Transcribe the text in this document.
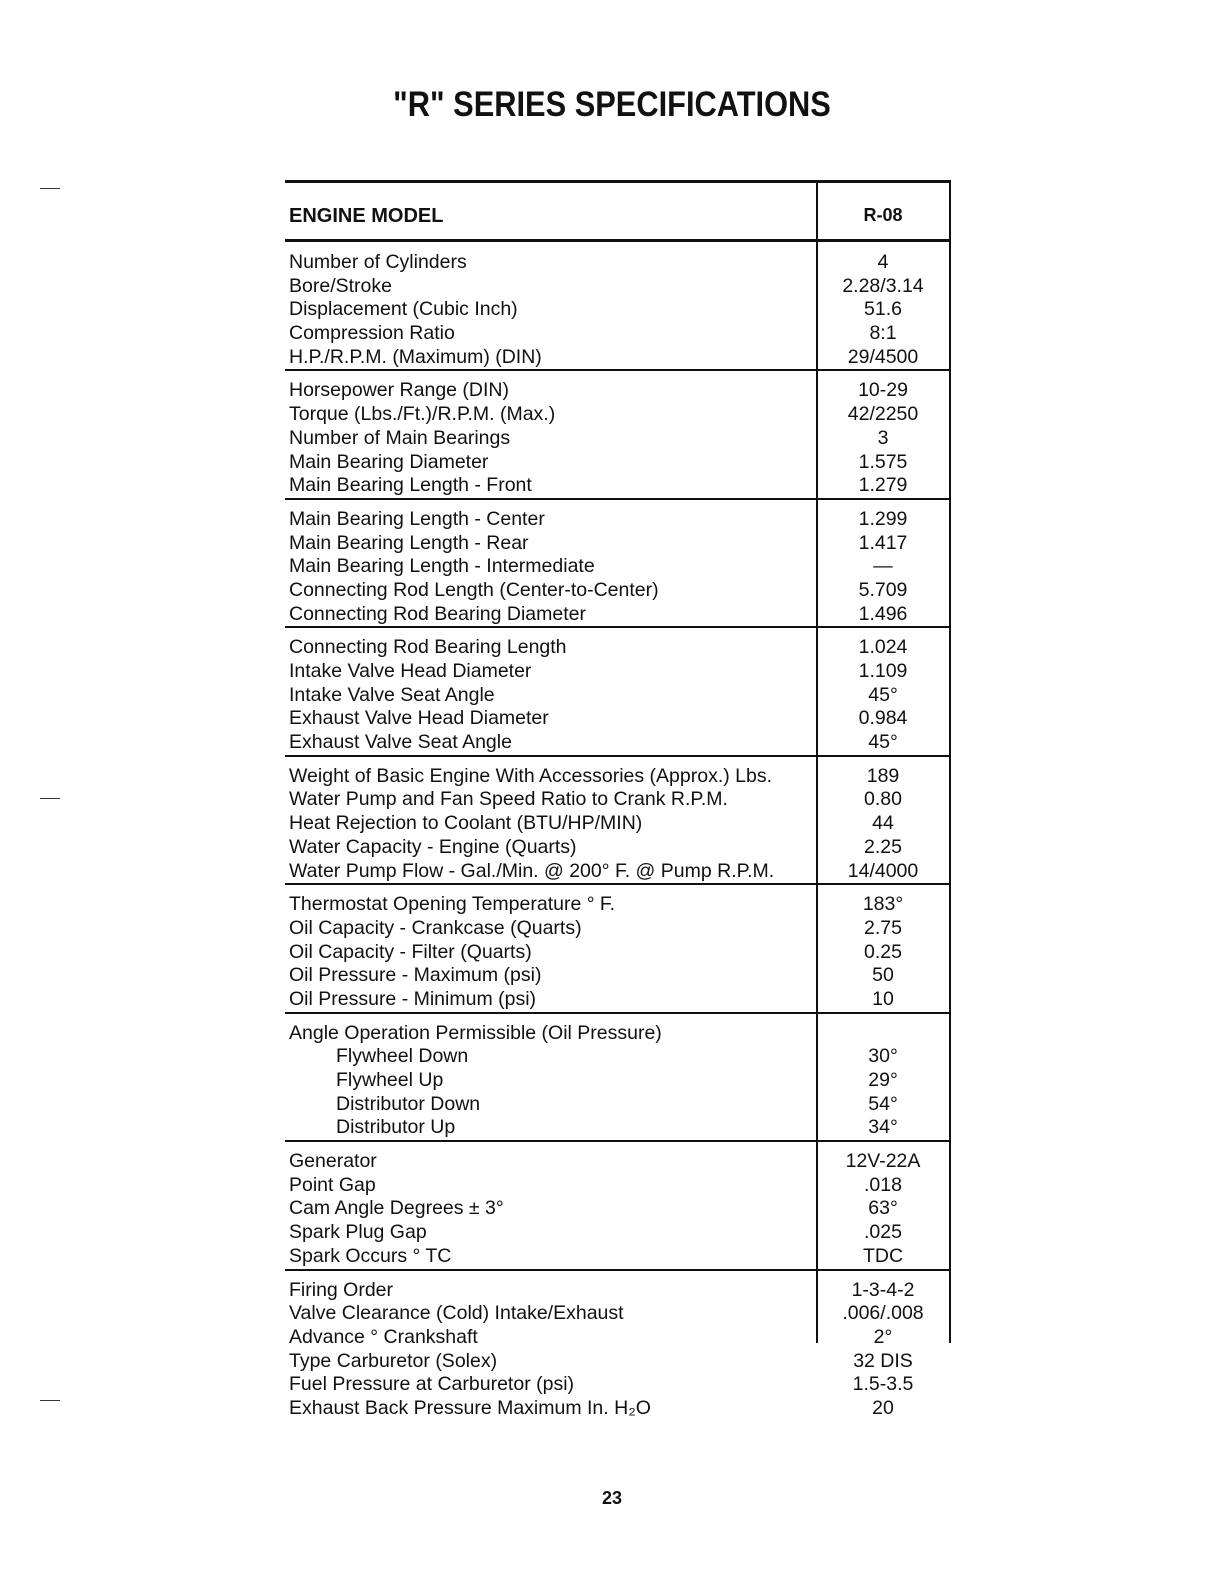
"R" SERIES SPECIFICATIONS
ENGINE MODEL	R-08
Number of Cylinders	4
Bore/Stroke	2.28/3.14
Displacement (Cubic Inch)	51.6
Compression Ratio	8:1
H.P./R.P.M. (Maximum) (DIN)	29/4500
Horsepower Range (DIN)	10-29
Torque (Lbs./Ft.)/R.P.M. (Max.)	42/2250
Number of Main Bearings	3
Main Bearing Diameter	1.575
Main Bearing Length - Front	1.279
Main Bearing Length - Center	1.299
Main Bearing Length - Rear	1.417
Main Bearing Length - Intermediate	—
Connecting Rod Length (Center-to-Center)	5.709
Connecting Rod Bearing Diameter	1.496
Connecting Rod Bearing Length	1.024
Intake Valve Head Diameter	1.109
Intake Valve Seat Angle	45°
Exhaust Valve Head Diameter	0.984
Exhaust Valve Seat Angle	45°
Weight of Basic Engine With Accessories (Approx.) Lbs.	189
Water Pump and Fan Speed Ratio to Crank R.P.M.	0.80
Heat Rejection to Coolant (BTU/HP/MIN)	44
Water Capacity - Engine (Quarts)	2.25
Water Pump Flow - Gal./Min. @ 200° F. @ Pump R.P.M.	14/4000
Thermostat Opening Temperature ° F.	183°
Oil Capacity - Crankcase (Quarts)	2.75
Oil Capacity - Filter (Quarts)	0.25
Oil Pressure - Maximum (psi)	50
Oil Pressure - Minimum (psi)	10
Angle Operation Permissible (Oil Pressure)
Flywheel Down	30°
Flywheel Up	29°
Distributor Down	54°
Distributor Up	34°
Generator	12V-22A
Point Gap	.018
Cam Angle Degrees ± 3°	63°
Spark Plug Gap	.025
Spark Occurs ° TC	TDC
Firing Order	1-3-4-2
Valve Clearance (Cold) Intake/Exhaust	.006/.008
Advance ° Crankshaft	2°
Type Carburetor (Solex)	32 DIS
Fuel Pressure at Carburetor (psi)	1.5-3.5
Exhaust Back Pressure Maximum In. H₂O	20
23
